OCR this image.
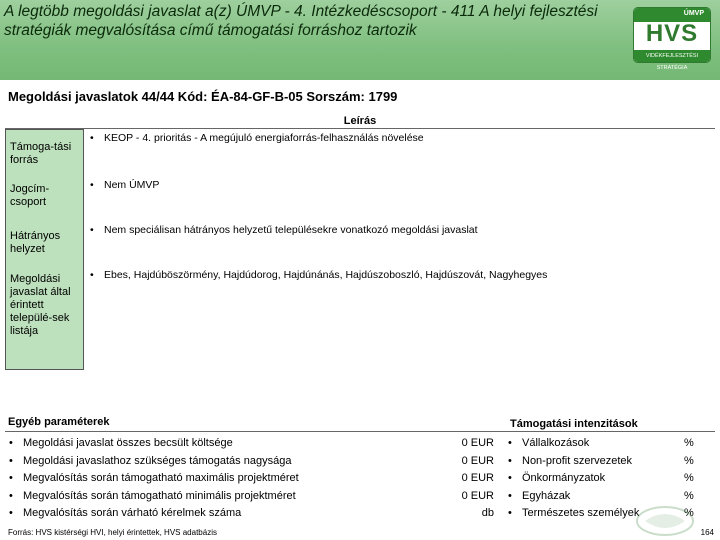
A legtöbb megoldási javaslat a(z) ÚMVP - 4. Intézkedéscsoport - 411 A helyi fejlesztési stratégiák megvalósítása című támogatási forráshoz tartozik
ÚMVP
HVS
VIDÉKFEJLESZTÉSI STRATÉGIA
Megoldási javaslatok 44/44 Kód: ÉA-84-GF-B-05 Sorszám: 1799
Leírás
Támoga-tási forrás
• KEOP - 4. prioritás - A megújuló energiaforrás-felhasználás növelése
Jogcím-csoport
• Nem ÚMVP
Hátrányos helyzet
• Nem speciálisan hátrányos helyzetű településekre vonatkozó megoldási javaslat
Megoldási javaslat által érintett települé-sek listája
• Ebes, Hajdúböszörmény, Hajdúdorog, Hajdúnánás, Hajdúszoboszló, Hajdúszovát, Nagyhegyes
Egyéb paraméterek	Támogatási intenzitások
• Megoldási javaslat összes becsült költsége	0 EUR
• Megoldási javaslathoz szükséges támogatás nagysága	0 EUR
• Megvalósítás során támogatható maximális projektméret	0 EUR
• Megvalósítás során támogatható minimális projektméret	0 EUR
• Megvalósítás során várható kérelmek száma	db
• Vállalkozások	%
• Non-profit szervezetek	%
• Önkormányzatok	%
• Egyházak	%
• Természetes személyek	%
Forrás: HVS kistérségi HVI, helyi érintettek, HVS adatbázis	164
